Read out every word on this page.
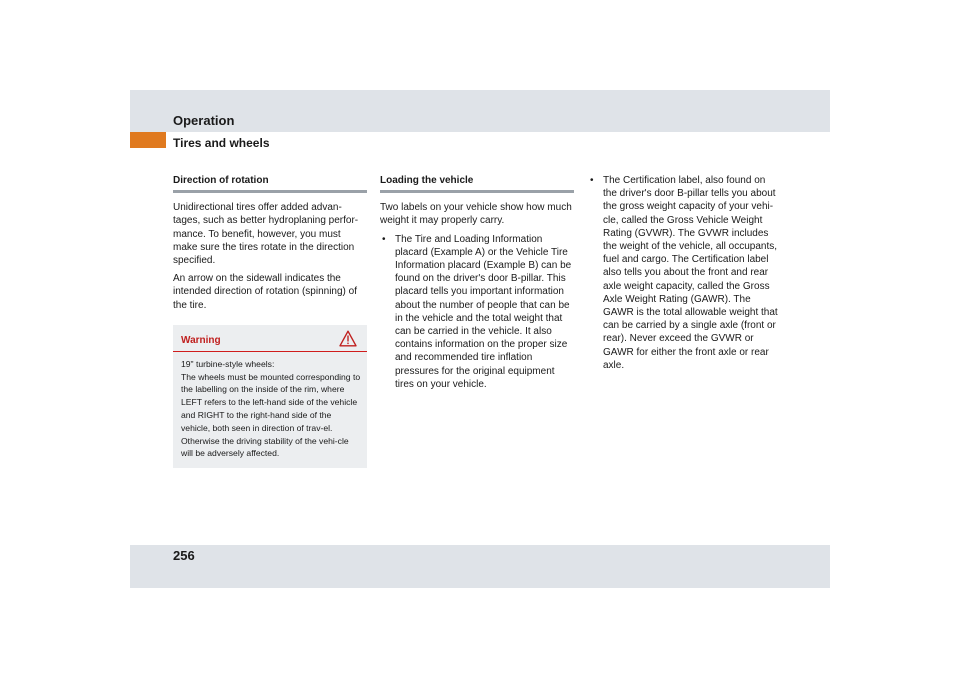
Operation
Tires and wheels
Direction of rotation

Unidirectional tires offer added advan-tages, such as better hydroplaning perfor-mance. To benefit, however, you must make sure the tires rotate in the direction specified.

An arrow on the sidewall indicates the intended direction of rotation (spinning) of the tire.

Warning
19" turbine-style wheels:
The wheels must be mounted corresponding to the labelling on the inside of the rim, where LEFT refers to the left-hand side of the vehicle and RIGHT to the right-hand side of the vehicle, both seen in direction of trav-el. Otherwise the driving stability of the vehi-cle will be adversely affected.
Loading the vehicle

Two labels on your vehicle show how much weight it may properly carry.

• The Tire and Loading Information placard (Example A) or the Vehicle Tire Information placard (Example B) can be found on the driver's door B-pillar. This placard tells you important information about the number of people that can be in the vehicle and the total weight that can be carried in the vehicle. It also contains information on the proper size and recommended tire inflation pressures for the original equipment tires on your vehicle.
• The Certification label, also found on the driver's door B-pillar tells you about the gross weight capacity of your vehi-cle, called the Gross Vehicle Weight Rating (GVWR). The GVWR includes the weight of the vehicle, all occupants, fuel and cargo. The Certification label also tells you about the front and rear axle weight capacity, called the Gross Axle Weight Rating (GAWR). The GAWR is the total allowable weight that can be carried by a single axle (front or rear). Never exceed the GVWR or GAWR for either the front axle or rear axle.
256
